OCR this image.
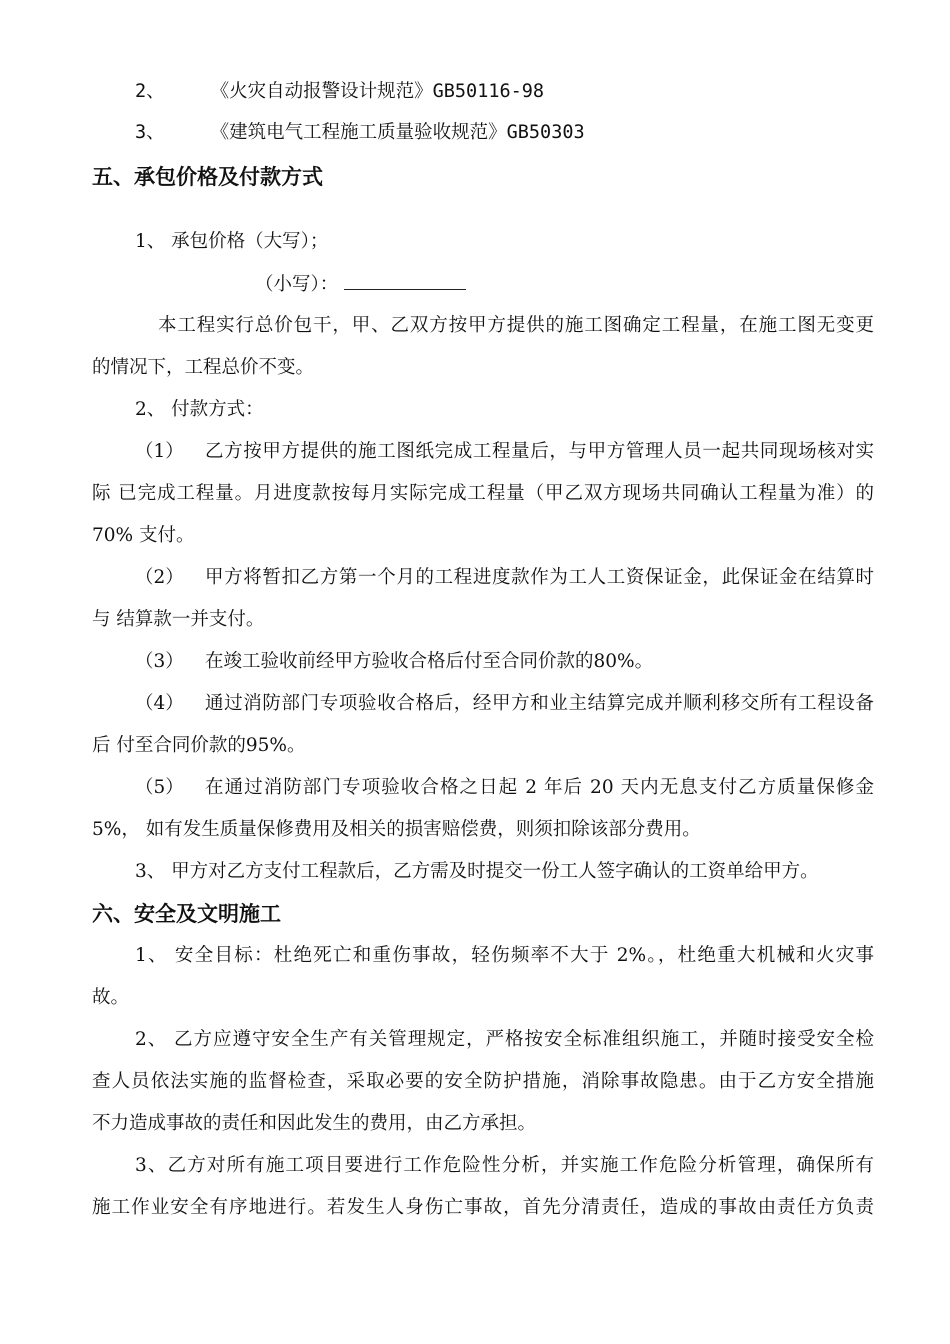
2、 《火灾自动报警设计规范》GB50116-98
3、 《建筑电气工程施工质量验收规范》GB50303
五、承包价格及付款方式
1、 承包价格（大写）；
（小写）：
本工程实行总价包干，甲、乙双方按甲方提供的施工图确定工程量，在施工图无变更
的情况下，工程总价不变。
2、 付款方式：
（1） 乙方按甲方提供的施工图纸完成工程量后，与甲方管理人员一起共同现场核对实
际 已完成工程量。月进度款按每月实际完成工程量（甲乙双方现场共同确认工程量为准）的
70% 支付。
（2） 甲方将暂扣乙方第一个月的工程进度款作为工人工资保证金，此保证金在结算时
与 结算款一并支付。
（3） 在竣工验收前经甲方验收合格后付至合同价款的80%。
（4） 通过消防部门专项验收合格后，经甲方和业主结算完成并顺利移交所有工程设备
后 付至合同价款的95%。
（5） 在通过消防部门专项验收合格之日起 2 年后 20 天内无息支付乙方质量保修金
5%， 如有发生质量保修费用及相关的损害赔偿费，则须扣除该部分费用。
3、 甲方对乙方支付工程款后，乙方需及时提交一份工人签字确认的工资单给甲方。
六、安全及文明施工
1、 安全目标：杜绝死亡和重伤事故，轻伤频率不大于 2%。，杜绝重大机械和火灾事
故。
2、 乙方应遵守安全生产有关管理规定，严格按安全标准组织施工，并随时接受安全检
查人员依法实施的监督检查，采取必要的安全防护措施，消除事故隐患。由于乙方安全措施
不力造成事故的责任和因此发生的费用，由乙方承担。
3、乙方对所有施工项目要进行工作危险性分析，并实施工作危险分析管理，确保所有
施工作业安全有序地进行。若发生人身伤亡事故，首先分清责任，造成的事故由责任方负责
